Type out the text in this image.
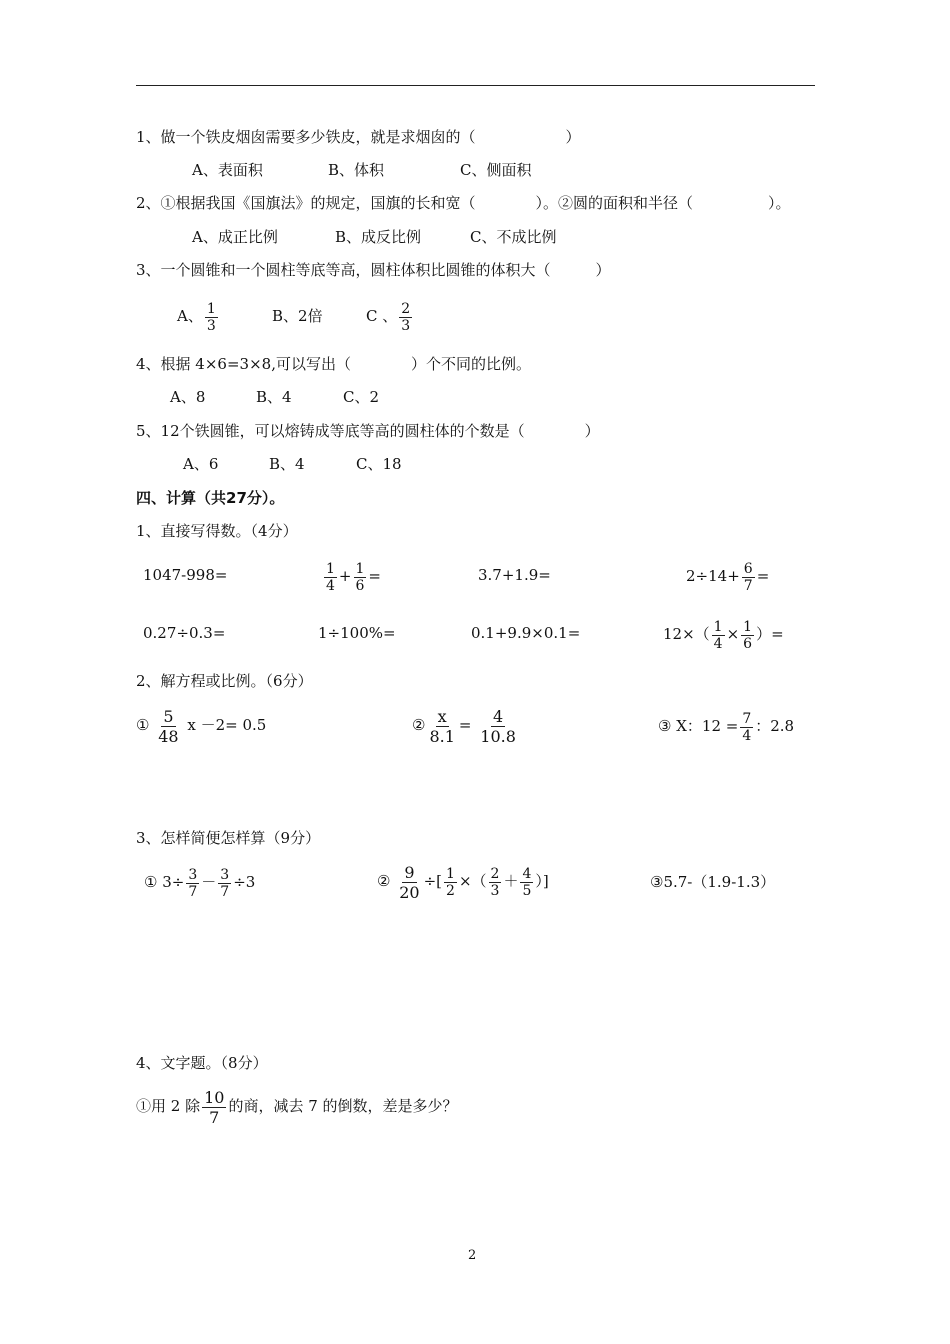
1、做一个铁皮烟囱需要多少铁皮，就是求烟囱的（　　　　　　）
A、表面积	B、体积	C、侧面积
2、①根据我国《国旗法》的规定，国旗的长和宽（　　　　）。②圆的面积和半径（　　　　　）。
A、成正比例	B、成反比例	C、不成比例
3、一个圆锥和一个圆柱等底等高，圆柱体积比圆锥的体积大（　　　）
A、 $\frac{1}{3}$	B、2倍	C 、 $\frac{2}{3}$
4、根据 4×6=3×8,可以写出（　　　　）个不同的比例。
A、8	B、4	C、2
5、12个铁圆锥，可以熔铸成等底等高的圆柱体的个数是（　　　　）
A、6	B、4	C、18
四、计算（共27分）。
1、直接写得数。（4分）
1047-998=	$\frac{1}{4} + \frac{1}{6}$ =	3.7+1.9=	$2\div 14+ \frac{6}{7}$ =
0.27÷0.3=	1÷100%=	0.1+9.9×0.1=	$12\times( \frac{1}{4} \times \frac{1}{6}$ ）=
2、解方程或比例。（6分）
① $\frac{5}{48}$ x －2= 0.5	② $\frac{x}{8.1} = \frac{4}{10.8}$	③ X：$12 = \frac{7}{4}$ ：2.8
3、怎样简便怎样算（9分）
① $3\div \frac{3}{7} - \frac{3}{7} \div 3$	② $\frac{9}{20}$ ÷[ $\frac{1}{2}$ ×（ $\frac{2}{3} + \frac{4}{5}$ ）]	③5.7-（1.9-1.3）
4、文字题。（8分）
①用 2 除 $\frac{10}{7}$ 的商，减去 7 的倒数，差是多少？
2
